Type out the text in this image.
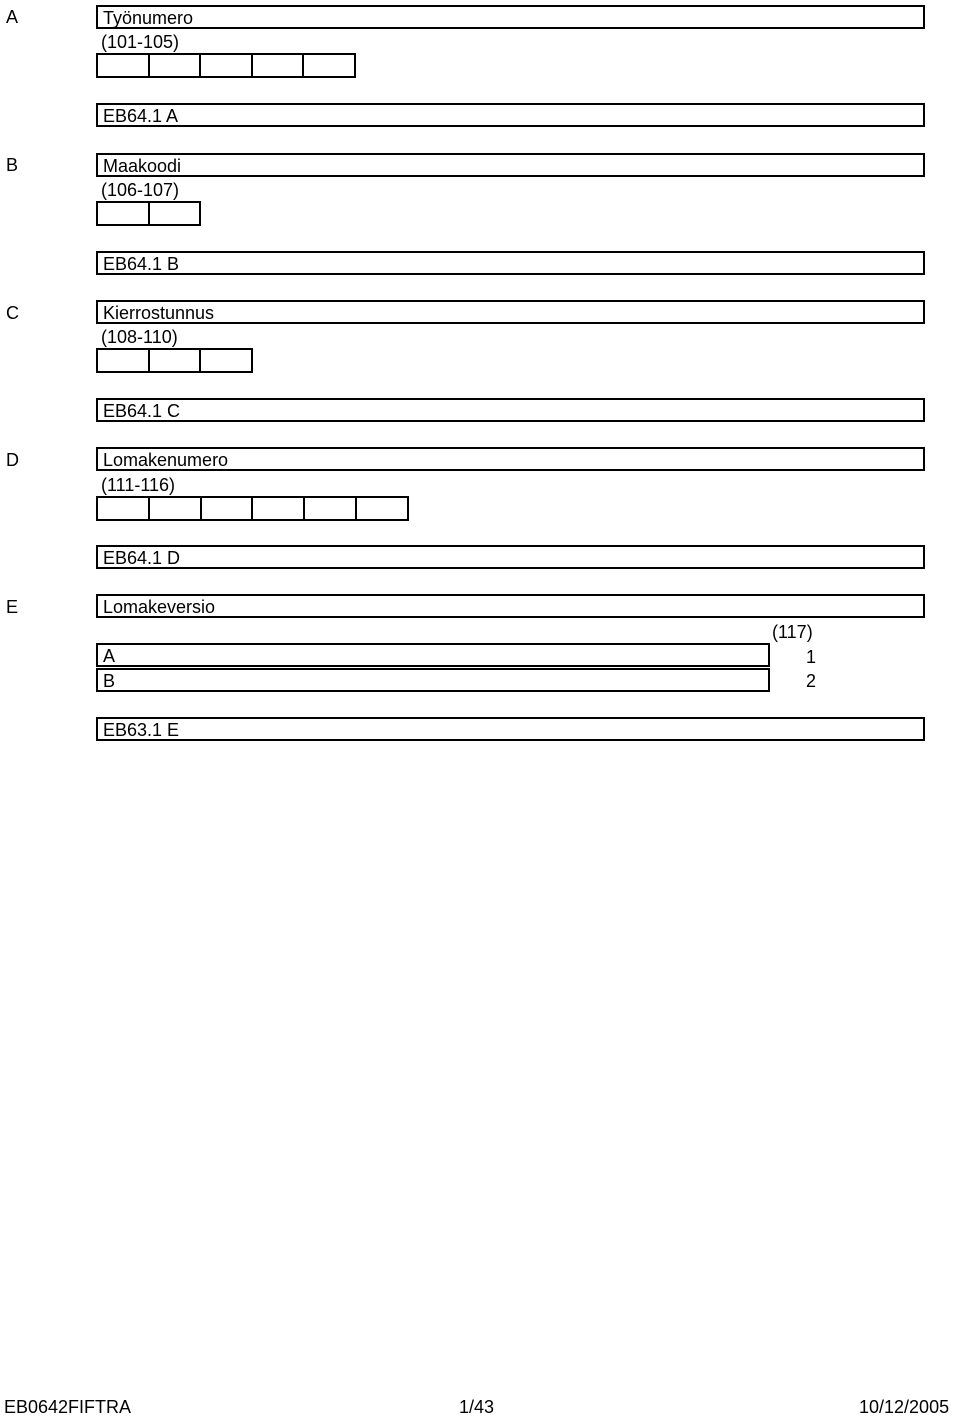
A	Työnumero
(101-105)
EB64.1 A
B	Maakoodi
(106-107)
EB64.1 B
C	Kierrostunnus
(108-110)
EB64.1 C
D	Lomakenumero
(111-116)
EB64.1 D
E	Lomakeversio
(117)
A	1
B	2
EB63.1 E
EB0642FIFTRA	1/43	10/12/2005
